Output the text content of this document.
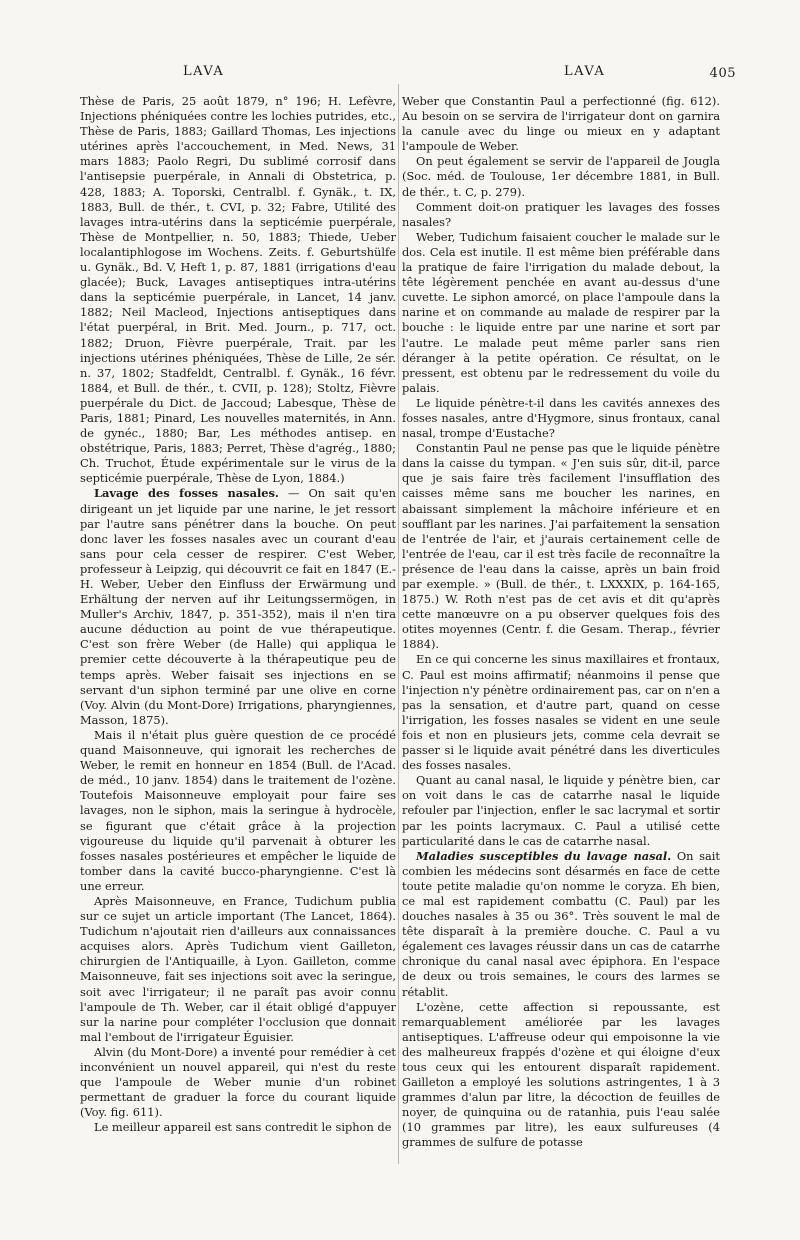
LAVA	LAVA	405

Thèse de Paris, 25 août 1879, n° 196; H. Lefèvre, Injections phéniquées contre les lochies putrides, etc., Thèse de Paris, 1883; Gaillard Thomas, Les injections utérines après l'accouchement, in Med. News, 31 mars 1883; Paolo Regri, Du sublimé corrosif dans l'antisepsie puerpérale, in Annali di Obstetrica, p. 428, 1883; A. Toporski, Centralbl. f. Gynäk., t. IX, 1883, Bull. de thér., t. CVI, p. 32; Fabre, Utilité des lavages intra-utérins dans la septicémie puerpérale, Thèse de Montpellier, n. 50, 1883; Thiede, Ueber localantiphlogose im Wochens. Zeits. f. Geburtshülfe u. Gynäk., Bd. V, Heft 1, p. 87, 1881 (irrigations d'eau glacée); Buck, Lavages antiseptiques intra-utérins dans la septicémie puerpérale, in Lancet, 14 janv. 1882; Neil Macleod, Injections antiseptiques dans l'état puerpéral, in Brit. Med. Journ., p. 717, oct. 1882; Druon, Fièvre puerpérale, Trait. par les injections utérines phéniquées, Thèse de Lille, 2e sér. n. 37, 1802; Stadfeldt, Centralbl. f. Gynäk., 16 févr. 1884, et Bull. de thér., t. CVII, p. 128); Stoltz, Fièvre puerpérale du Dict. de Jaccoud; Labesque, Thèse de Paris, 1881; Pinard, Les nouvelles maternités, in Ann. de gynéc., 1880; Bar, Les méthodes antisep. en obstétrique, Paris, 1883; Perret, Thèse d'agrég., 1880; Ch. Truchot, Étude expérimentale sur le virus de la septicémie puerpérale, Thèse de Lyon, 1884.)

Lavage des fosses nasales. — On sait qu'en dirigeant un jet liquide par une narine, le jet ressort par l'autre sans pénétrer dans la bouche. On peut donc laver les fosses nasales avec un courant d'eau sans pour cela cesser de respirer. C'est Weber, professeur à Leipzig, qui découvrit ce fait en 1847 (E.-H. Weber, Ueber den Einfluss der Erwärmung und Erhältung der nerven auf ihr Leitungssermögen, in Muller's Archiv, 1847, p. 351-352), mais il n'en tira aucune déduction au point de vue thérapeutique. C'est son frère Weber (de Halle) qui appliqua le premier cette découverte à la thérapeutique peu de temps après. Weber faisait ses injections en se servant d'un siphon terminé par une olive en corne (Voy. Alvin (du Mont-Dore) Irrigations, pharyngiennes, Masson, 1875).

Mais il n'était plus guère question de ce procédé quand Maisonneuve, qui ignorait les recherches de Weber, le remit en honneur en 1854 (Bull. de l'Acad. de méd., 10 janv. 1854) dans le traitement de l'ozène. Toutefois Maisonneuve employait pour faire ses lavages, non le siphon, mais la seringue à hydrocèle, se figurant que c'était grâce à la projection vigoureuse du liquide qu'il parvenait à obturer les fosses nasales postérieures et empêcher le liquide de tomber dans la cavité bucco-pharyngienne. C'est là une erreur.

Après Maisonneuve, en France, Tudichum publia sur ce sujet un article important (The Lancet, 1864). Tudichum n'ajoutait rien d'ailleurs aux connaissances acquises alors. Après Tudichum vient Gailleton, chirurgien de l'Antiquaille, à Lyon. Gailleton, comme Maisonneuve, fait ses injections soit avec la seringue, soit avec l'irrigateur; il ne paraît pas avoir connu l'ampoule de Th. Weber, car il était obligé d'appuyer sur la narine pour compléter l'occlusion que donnait mal l'embout de l'irrigateur Éguisier.

Alvin (du Mont-Dore) a inventé pour remédier à cet inconvénient un nouvel appareil, qui n'est du reste que l'ampoule de Weber munie d'un robinet permettant de graduer la force du courant liquide (Voy. fig. 611).

Le meilleur appareil est sans contredit le siphon de

Weber que Constantin Paul a perfectionné (fig. 612). Au besoin on se servira de l'irrigateur dont on garnira la canule avec du linge ou mieux en y adaptant l'ampoule de Weber.

On peut également se servir de l'appareil de Jougla (Soc. méd. de Toulouse, 1er décembre 1881, in Bull. de thér., t. C, p. 279).

Comment doit-on pratiquer les lavages des fosses nasales?

Weber, Tudichum faisaient coucher le malade sur le dos. Cela est inutile. Il est même bien préférable dans la pratique de faire l'irrigation du malade debout, la tête légèrement penchée en avant au-dessus d'une cuvette. Le siphon amorcé, on place l'ampoule dans la narine et on commande au malade de respirer par la bouche : le liquide entre par une narine et sort par l'autre. Le malade peut même parler sans rien déranger à la petite opération. Ce résultat, on le pressent, est obtenu par le redressement du voile du palais.

Le liquide pénètre-t-il dans les cavités annexes des fosses nasales, antre d'Hygmore, sinus frontaux, canal nasal, trompe d'Eustache?

Constantin Paul ne pense pas que le liquide pénètre dans la caisse du tympan. « J'en suis sûr, dit-il, parce que je sais faire très facilement l'insufflation des caisses même sans me boucher les narines, en abaissant simplement la mâchoire inférieure et en soufflant par les narines. J'ai parfaitement la sensation de l'entrée de l'air, et j'aurais certainement celle de l'entrée de l'eau, car il est très facile de reconnaître la présence de l'eau dans la caisse, après un bain froid par exemple. » (Bull. de thér., t. LXXXIX, p. 164-165, 1875.) W. Roth n'est pas de cet avis et dit qu'après cette manœuvre on a pu observer quelques fois des otites moyennes (Centr. f. die Gesam. Therap., février 1884).

En ce qui concerne les sinus maxillaires et frontaux, C. Paul est moins affirmatif; néanmoins il pense que l'injection n'y pénètre ordinairement pas, car on n'en a pas la sensation, et d'autre part, quand on cesse l'irrigation, les fosses nasales se vident en une seule fois et non en plusieurs jets, comme cela devrait se passer si le liquide avait pénétré dans les diverticules des fosses nasales.

Quant au canal nasal, le liquide y pénètre bien, car on voit dans le cas de catarrhe nasal le liquide refouler par l'injection, enfler le sac lacrymal et sortir par les points lacrymaux. C. Paul a utilisé cette particularité dans le cas de catarrhe nasal.

Maladies susceptibles du lavage nasal. On sait combien les médecins sont désarmés en face de cette toute petite maladie qu'on nomme le coryza. Eh bien, ce mal est rapidement combattu (C. Paul) par les douches nasales à 35 ou 36°. Très souvent le mal de tête disparaît à la première douche. C. Paul a vu également ces lavages réussir dans un cas de catarrhe chronique du canal nasal avec épiphora. En l'espace de deux ou trois semaines, le cours des larmes se rétablit.

L'ozène, cette affection si repoussante, est remarquablement améliorée par les lavages antiseptiques. L'affreuse odeur qui empoisonne la vie des malheureux frappés d'ozène et qui éloigne d'eux tous ceux qui les entourent disparaît rapidement. Gailleton a employé les solutions astringentes, 1 à 3 grammes d'alun par litre, la décoction de feuilles de noyer, de quinquina ou de ratanhia, puis l'eau salée (10 grammes par litre), les eaux sulfureuses (4 grammes de sulfure de potasse
